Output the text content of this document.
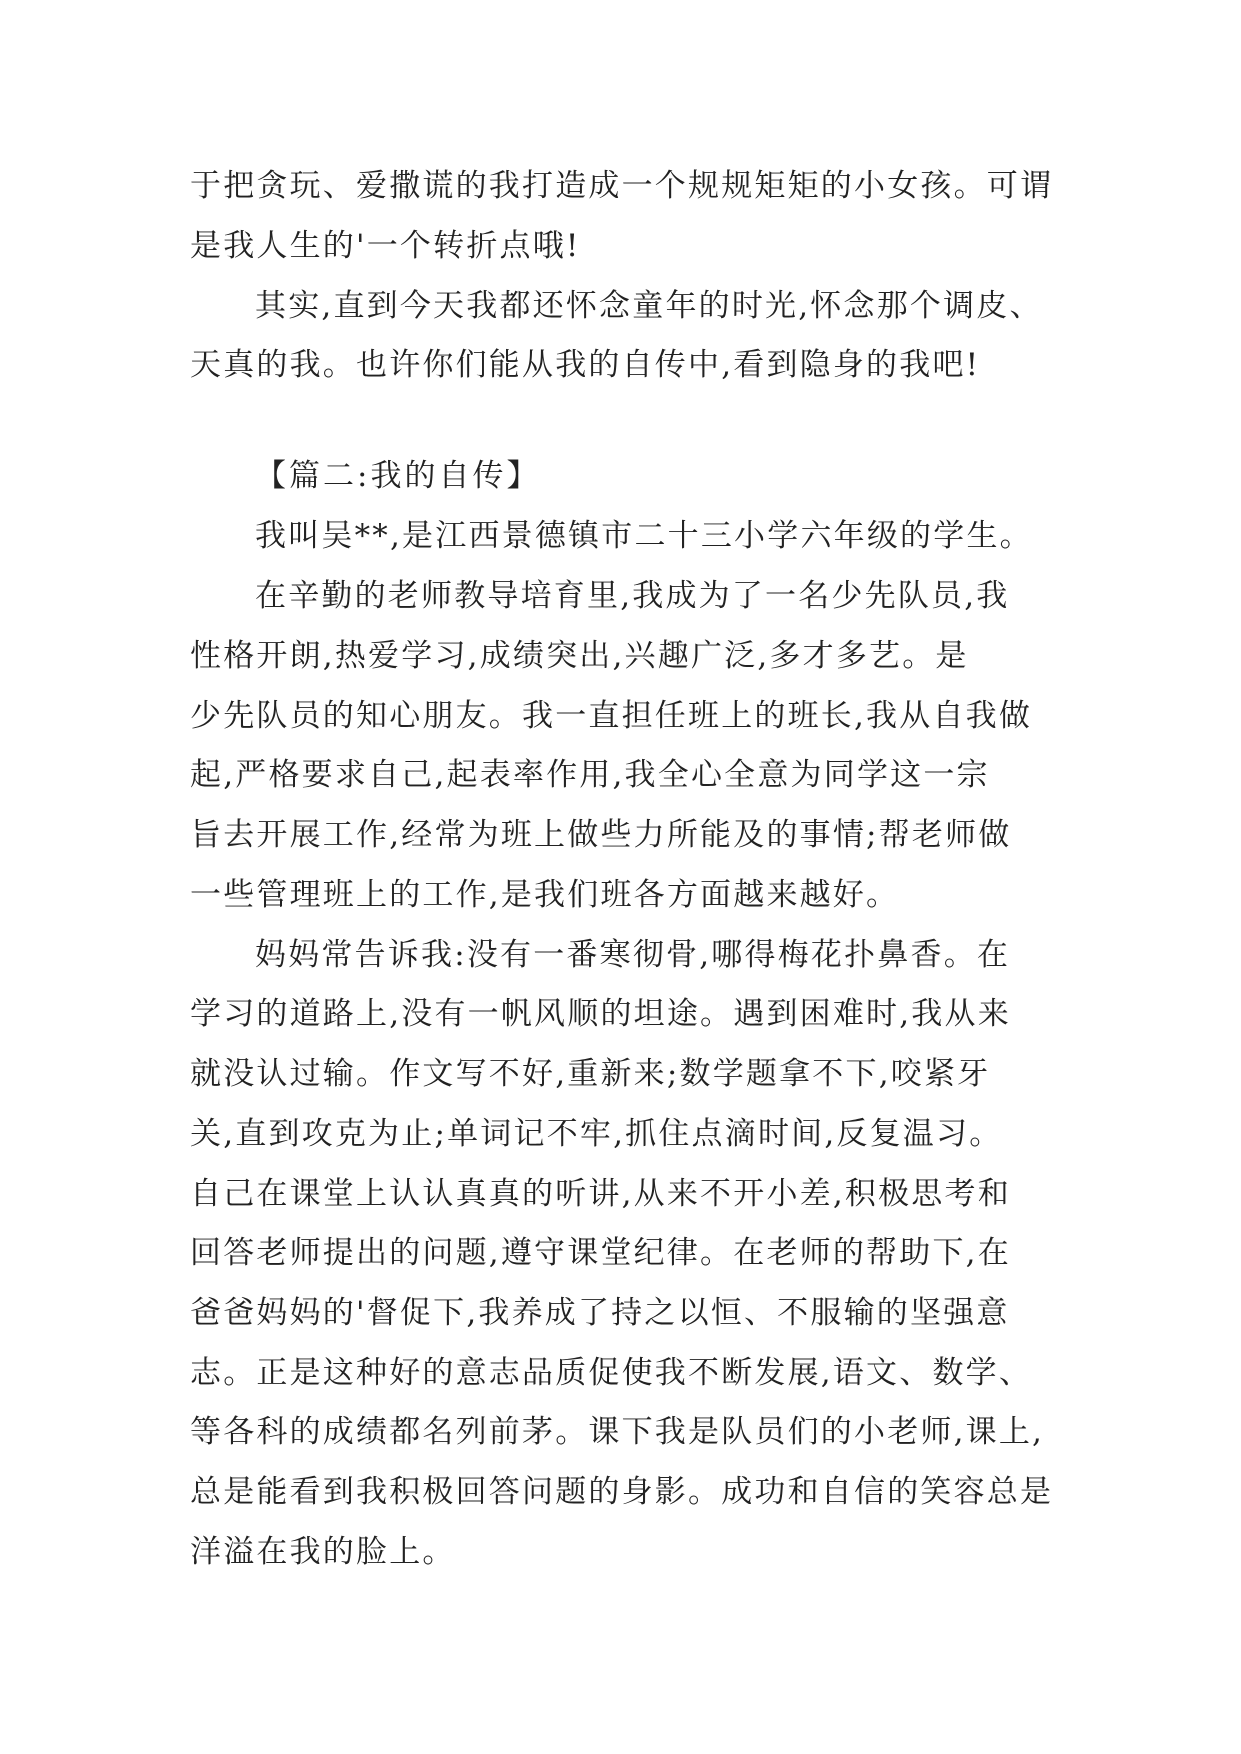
于把贪玩、爱撒谎的我打造成一个规规矩矩的小女孩。可谓
是我人生的'一个转折点哦!
其实,直到今天我都还怀念童年的时光,怀念那个调皮、
天真的我。也许你们能从我的自传中,看到隐身的我吧!
【篇二:我的自传】
我叫吴**,是江西景德镇市二十三小学六年级的学生。
在辛勤的老师教导培育里,我成为了一名少先队员,我
性格开朗,热爱学习,成绩突出,兴趣广泛,多才多艺。是
少先队员的知心朋友。我一直担任班上的班长,我从自我做
起,严格要求自己,起表率作用,我全心全意为同学这一宗
旨去开展工作,经常为班上做些力所能及的事情;帮老师做
一些管理班上的工作,是我们班各方面越来越好。
妈妈常告诉我:没有一番寒彻骨,哪得梅花扑鼻香。在
学习的道路上,没有一帆风顺的坦途。遇到困难时,我从来
就没认过输。作文写不好,重新来;数学题拿不下,咬紧牙
关,直到攻克为止;单词记不牢,抓住点滴时间,反复温习。
自己在课堂上认认真真的听讲,从来不开小差,积极思考和
回答老师提出的问题,遵守课堂纪律。在老师的帮助下,在
爸爸妈妈的'督促下,我养成了持之以恒、不服输的坚强意
志。正是这种好的意志品质促使我不断发展,语文、数学、
等各科的成绩都名列前茅。课下我是队员们的小老师,课上,
总是能看到我积极回答问题的身影。成功和自信的笑容总是
洋溢在我的脸上。
